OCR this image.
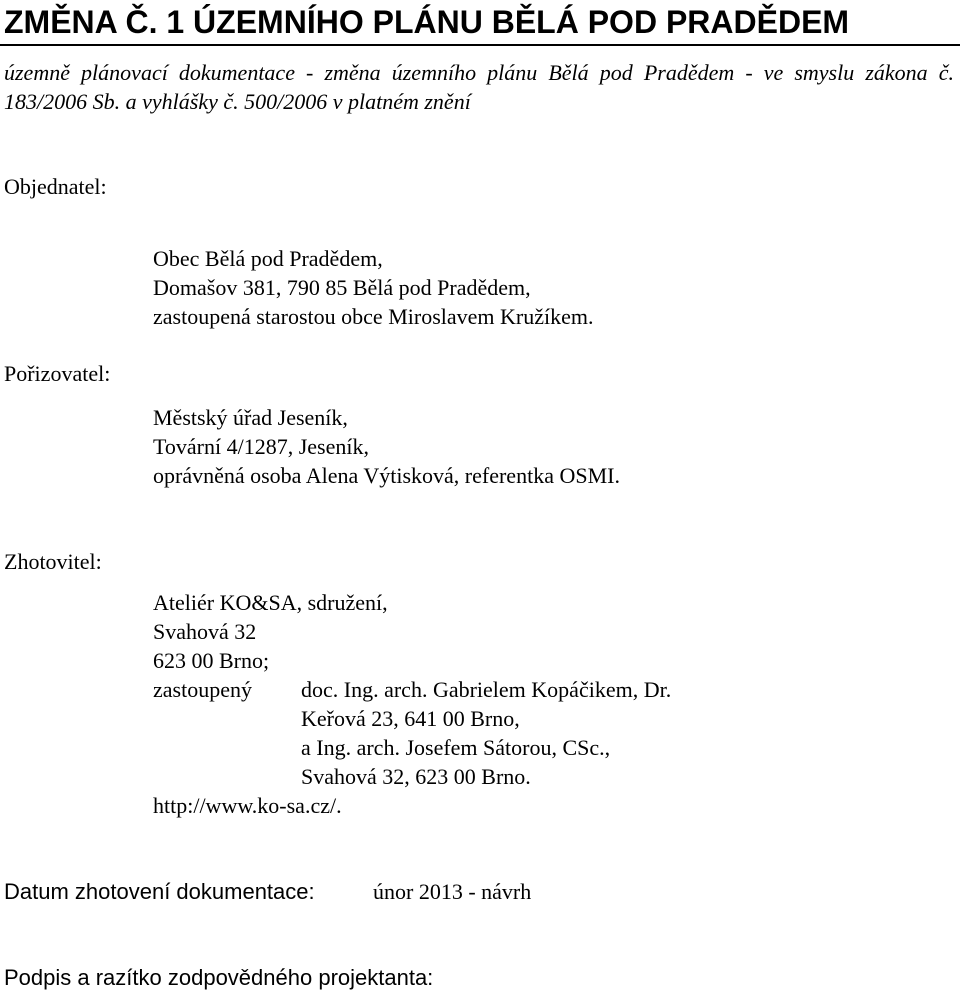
ZMĚNA Č. 1 ÚZEMNÍHO PLÁNU BĚLÁ POD PRADĚDEM
územně plánovací dokumentace - změna územního plánu Bělá pod Pradědem - ve smyslu zákona č. 183/2006 Sb. a vyhlášky č. 500/2006 v platném znění
Objednatel:
Obec Bělá pod Pradědem,
Domašov 381, 790 85 Bělá pod Pradědem,
zastoupená starostou obce Miroslavem Kružíkem.
Pořizovatel:
Městský úřad Jeseník,
Tovární 4/1287, Jeseník,
oprávněná osoba Alena Výtisková, referentka OSMI.
Zhotovitel:
Ateliér KO&SA, sdružení,
Svahová 32
623 00 Brno;
zastoupený	doc. Ing. arch. Gabrielem Kopáčikem, Dr.
Keřová 23, 641 00 Brno,
a Ing. arch. Josefem Sátorou, CSc.,
Svahová 32, 623 00 Brno.
http://www.ko-sa.cz/.
Datum zhotovení dokumentace:	únor 2013 - návrh
Podpis a razítko zodpovědného projektanta:
